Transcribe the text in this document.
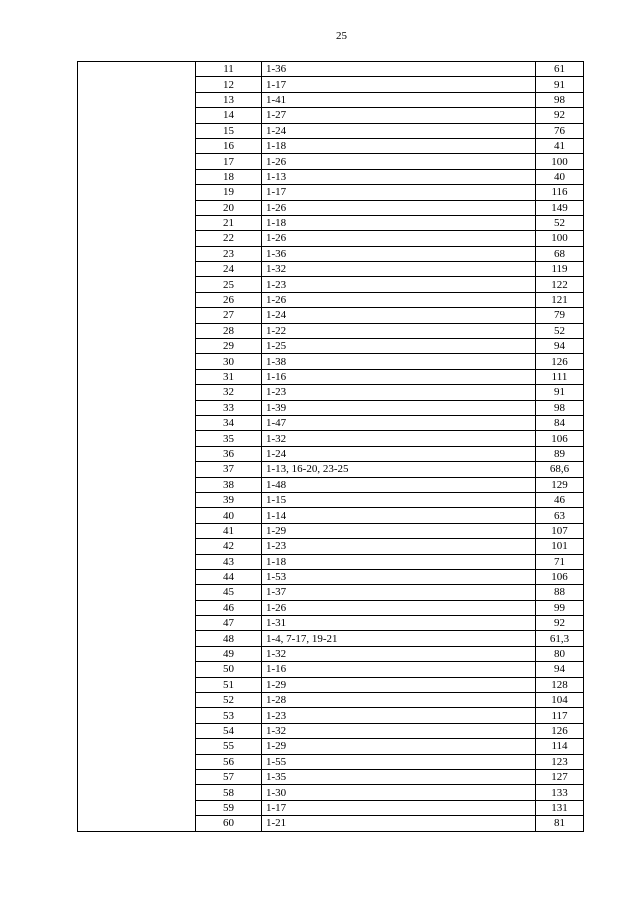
25
	11	1-36	61
	12	1-17	91
	13	1-41	98
	14	1-27	92
	15	1-24	76
	16	1-18	41
	17	1-26	100
	18	1-13	40
	19	1-17	116
	20	1-26	149
	21	1-18	52
	22	1-26	100
	23	1-36	68
	24	1-32	119
	25	1-23	122
	26	1-26	121
	27	1-24	79
	28	1-22	52
	29	1-25	94
	30	1-38	126
	31	1-16	111
	32	1-23	91
	33	1-39	98
	34	1-47	84
	35	1-32	106
	36	1-24	89
	37	1-13, 16-20, 23-25	68,6
	38	1-48	129
	39	1-15	46
	40	1-14	63
	41	1-29	107
	42	1-23	101
	43	1-18	71
	44	1-53	106
	45	1-37	88
	46	1-26	99
	47	1-31	92
	48	1-4, 7-17, 19-21	61,3
	49	1-32	80
	50	1-16	94
	51	1-29	128
	52	1-28	104
	53	1-23	117
	54	1-32	126
	55	1-29	114
	56	1-55	123
	57	1-35	127
	58	1-30	133
	59	1-17	131
	60	1-21	81
